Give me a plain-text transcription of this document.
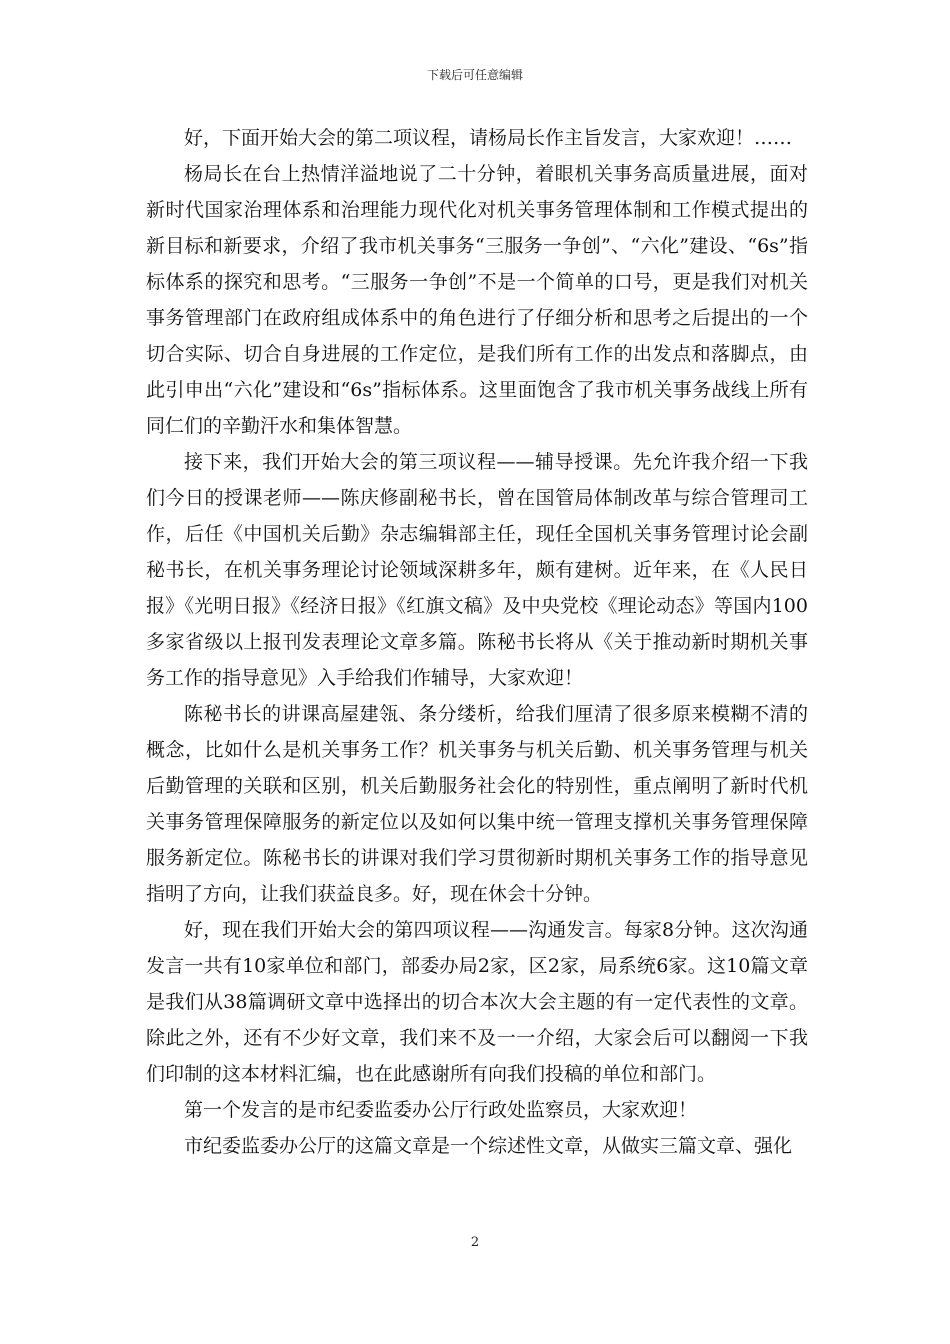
下载后可任意编辑

好，下面开始大会的第二项议程，请杨局长作主旨发言，大家欢迎！……

杨局长在台上热情洋溢地说了二十分钟，着眼机关事务高质量进展，面对新时代国家治理体系和治理能力现代化对机关事务管理体制和工作模式提出的新目标和新要求，介绍了我市机关事务“三服务一争创”、“六化”建设、“6s”指标体系的探究和思考。“三服务一争创”不是一个简单的口号，更是我们对机关事务管理部门在政府组成体系中的角色进行了仔细分析和思考之后提出的一个切合实际、切合自身进展的工作定位，是我们所有工作的出发点和落脚点，由此引申出“六化”建设和“6s”指标体系。这里面饱含了我市机关事务战线上所有同仁们的辛勤汗水和集体智慧。

接下来，我们开始大会的第三项议程——辅导授课。先允许我介绍一下我们今日的授课老师——陈庆修副秘书长，曾在国管局体制改革与综合管理司工作，后任《中国机关后勤》杂志编辑部主任，现任全国机关事务管理讨论会副秘书长，在机关事务理论讨论领域深耕多年，颇有建树。近年来，在《人民日报》《光明日报》《经济日报》《红旗文稿》及中央党校《理论动态》等国内100多家省级以上报刊发表理论文章多篇。陈秘书长将从《关于推动新时期机关事务工作的指导意见》入手给我们作辅导，大家欢迎！

陈秘书长的讲课高屋建瓴、条分缕析，给我们厘清了很多原来模糊不清的概念，比如什么是机关事务工作？机关事务与机关后勤、机关事务管理与机关后勤管理的关联和区别，机关后勤服务社会化的特别性，重点阐明了新时代机关事务管理保障服务的新定位以及如何以集中统一管理支撑机关事务管理保障服务新定位。陈秘书长的讲课对我们学习贯彻新时期机关事务工作的指导意见指明了方向，让我们获益良多。好，现在休会十分钟。

好，现在我们开始大会的第四项议程——沟通发言。每家8分钟。这次沟通发言一共有10家单位和部门，部委办局2家，区2家，局系统6家。这10篇文章是我们从38篇调研文章中选择出的切合本次大会主题的有一定代表性的文章。除此之外，还有不少好文章，我们来不及一一介绍，大家会后可以翻阅一下我们印制的这本材料汇编，也在此感谢所有向我们投稿的单位和部门。

第一个发言的是市纪委监委办公厅行政处监察员，大家欢迎！

市纪委监委办公厅的这篇文章是一个综述性文章，从做实三篇文章、强化

2
